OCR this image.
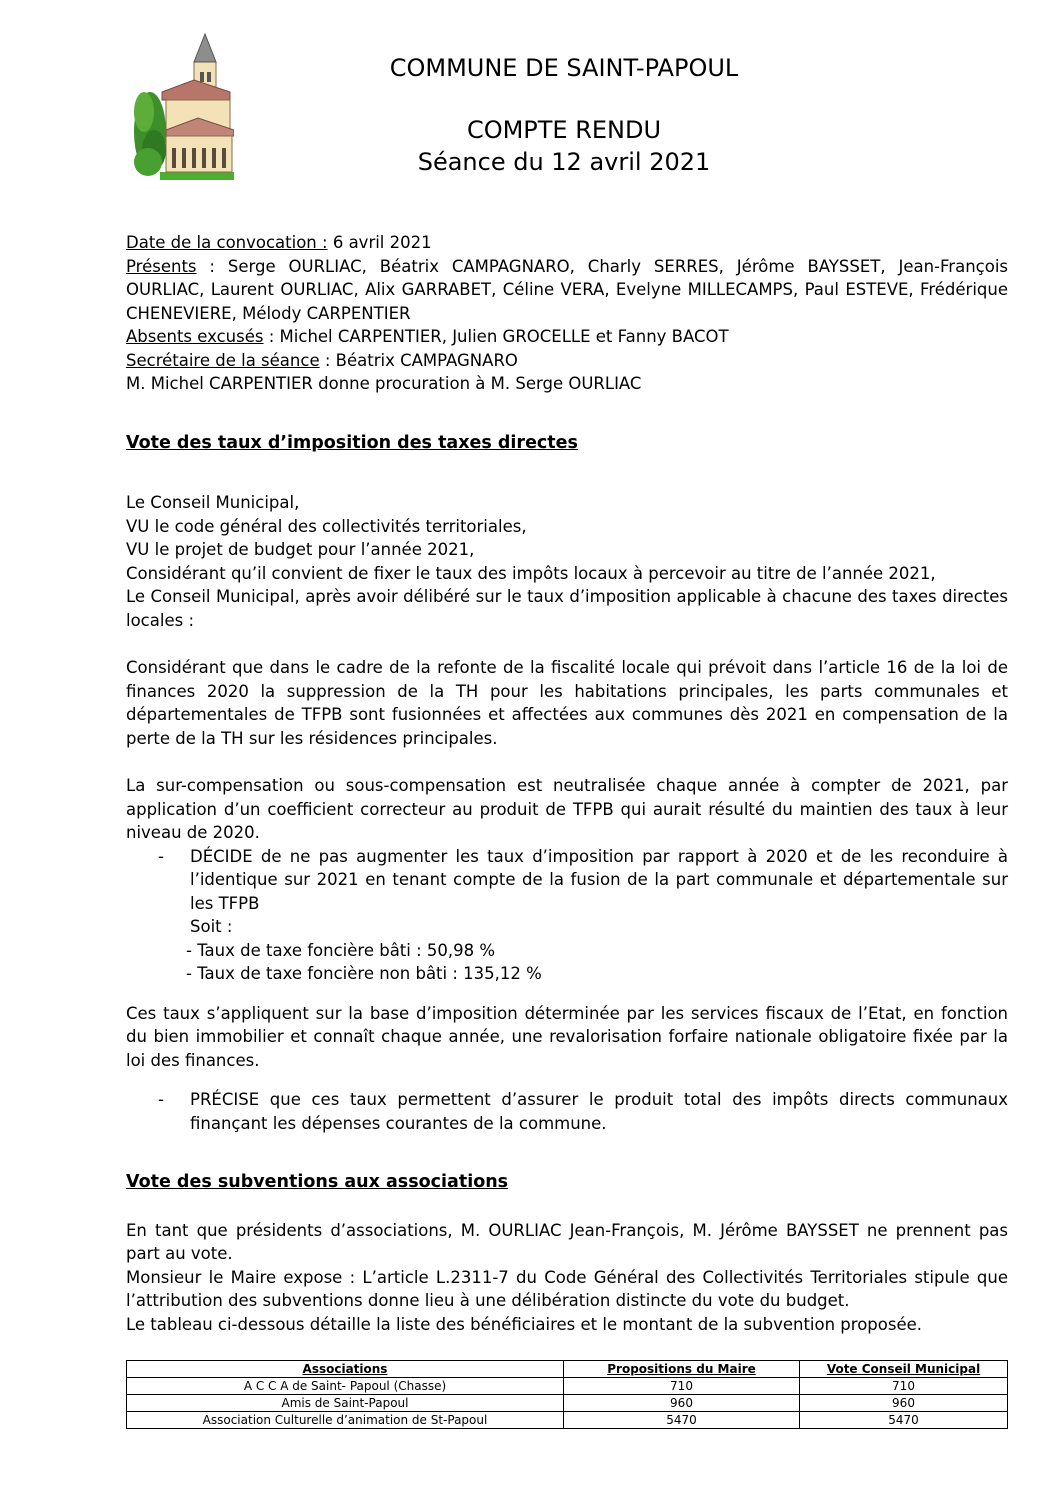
COMMUNE DE SAINT-PAPOUL
COMPTE RENDU
Séance du 12 avril 2021

Date de la convocation : 6 avril 2021

Présents : Serge OURLIAC, Béatrix CAMPAGNARO, Charly SERRES, Jérôme BAYSSET, Jean-François OURLIAC, Laurent OURLIAC, Alix GARRABET, Céline VERA, Evelyne MILLECAMPS, Paul ESTEVE, Frédérique CHENEVIERE, Mélody CARPENTIER

Absents excusés : Michel CARPENTIER, Julien GROCELLE et Fanny BACOT

Secrétaire de la séance : Béatrix CAMPAGNARO

M. Michel CARPENTIER donne procuration à M. Serge OURLIAC

Vote des taux d’imposition des taxes directes

Le Conseil Municipal,

VU le code général des collectivités territoriales,

VU le projet de budget pour l’année 2021,

Considérant qu’il convient de fixer le taux des impôts locaux à percevoir au titre de l’année 2021,

Le Conseil Municipal, après avoir délibéré sur le taux d’imposition applicable à chacune des taxes directes locales :

Considérant que dans le cadre de la refonte de la fiscalité locale qui prévoit dans l’article 16 de la loi de finances 2020 la suppression de la TH pour les habitations principales, les parts communales et départementales de TFPB sont fusionnées et affectées aux communes dès 2021 en compensation de la perte de la TH sur les résidences principales.

La sur-compensation ou sous-compensation est neutralisée chaque année à compter de 2021, par application d’un coefficient correcteur au produit de TFPB qui aurait résulté du maintien des taux à leur niveau de 2020.

- DÉCIDE de ne pas augmenter les taux d’imposition par rapport à 2020 et de les reconduire à l’identique sur 2021 en tenant compte de la fusion de la part communale et départementale sur les TFPB

Soit :

- Taux de taxe foncière bâti : 50,98 %

- Taux de taxe foncière non bâti : 135,12 %

Ces taux s’appliquent sur la base d’imposition déterminée par les services fiscaux de l’Etat, en fonction du bien immobilier et connaît chaque année, une revalorisation forfaire nationale obligatoire fixée par la loi des finances.

- PRÉCISE que ces taux permettent d’assurer le produit total des impôts directs communaux finançant les dépenses courantes de la commune.

Vote des subventions aux associations

En tant que présidents d’associations, M. OURLIAC Jean-François, M. Jérôme BAYSSET ne prennent pas part au vote.

Monsieur le Maire expose : L’article L.2311-7 du Code Général des Collectivités Territoriales stipule que l’attribution des subventions donne lieu à une délibération distincte du vote du budget.

Le tableau ci-dessous détaille la liste des bénéficiaires et le montant de la subvention proposée.

Associations	Propositions du Maire	Vote Conseil Municipal
A C C A de Saint- Papoul (Chasse)	710	710
Amis de Saint-Papoul	960	960
Association Culturelle d’animation de St-Papoul	5470	5470
